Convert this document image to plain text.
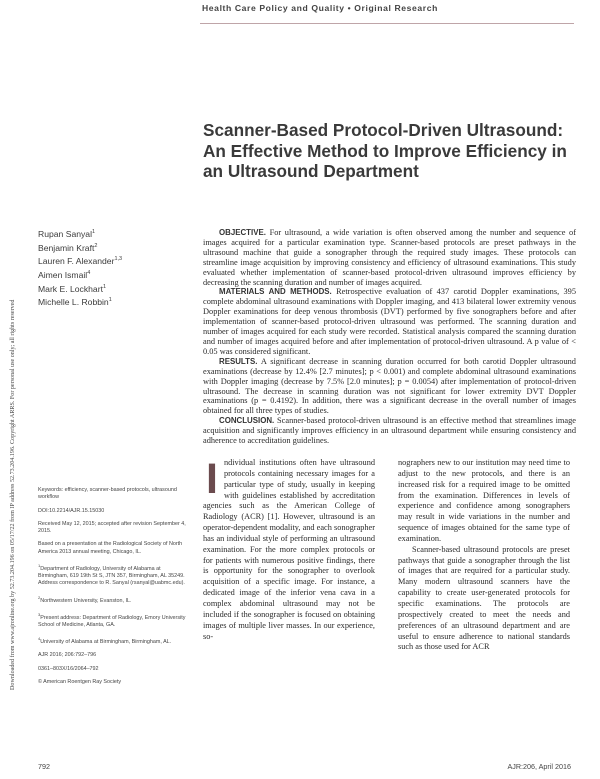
Downloaded from www.ajronline.org by 52.73.204.196 on 05/17/22 from IP address 52.73.204.196. Copyright ARRS. For personal use only; all rights reserved
Health Care Policy and Quality • Original Research
Scanner-Based Protocol-Driven Ultrasound: An Effective Method to Improve Efficiency in an Ultrasound Department
Rupan Sanyal$^1$
Benjamin Kraft$^2$
Lauren F. Alexander$^{1,3}$
Aimen Ismail$^4$
Mark E. Lockhart$^1$
Michelle L. Robbin$^1$

OBJECTIVE. For ultrasound, a wide variation is often observed among the number and sequence of images acquired for a particular examination type. Scanner-based protocols are preset pathways in the ultrasound machine that guide a sonographer through the required study images. These protocols can streamline image acquisition by improving consistency and efficiency of ultrasound examinations. This study evaluated whether implementation of scanner-based protocol-driven ultrasound improves efficiency by decreasing the scanning duration and number of images acquired.

MATERIALS AND METHODS. Retrospective evaluation of 437 carotid Doppler examinations, 395 complete abdominal ultrasound examinations with Doppler imaging, and 413 bilateral lower extremity venous Doppler examinations for deep venous thrombosis (DVT) performed by five sonographers before and after implementation of scanner-based protocol-driven ultrasound was performed. The scanning duration and number of images acquired for each study were recorded. Statistical analysis compared the scanning duration and number of images acquired before and after implementation of protocol-driven ultrasound. A p value of < 0.05 was considered significant.

RESULTS. A significant decrease in scanning duration occurred for both carotid Doppler ultrasound examinations (decrease by 12.4% [2.7 minutes]; p < 0.001) and complete abdominal ultrasound examinations with Doppler imaging (decrease by 7.5% [2.0 minutes]; p = 0.0054) after implementation of protocol-driven ultrasound. The decrease in scanning duration was not significant for lower extremity DVT Doppler examinations (p = 0.4192). In addition, there was a significant decrease in the overall number of images obtained for all three types of studies.

CONCLUSION. Scanner-based protocol-driven ultrasound is an effective method that streamlines image acquisition and significantly improves efficiency in an ultrasound department while ensuring consistency and adherence to accreditation guidelines.

Keywords: efficiency, scanner-based protocols, ultrasound workflow

DOI:10.2214/AJR.15.15030

Received May 12, 2015; accepted after revision September 4, 2015.

Based on a presentation at the Radiological Society of North America 2013 annual meeting, Chicago, IL.

$^1$Department of Radiology, University of Alabama at Birmingham, 619 19th St S, JTN 357, Birmingham, AL 35249. Address correspondence to R. Sanyal (rsanyal@uabmc.edu).

$^2$Northwestern University, Evanston, IL.

$^3$Present address: Department of Radiology, Emory University School of Medicine, Atlanta, GA.

$^4$University of Alabama at Birmingham, Birmingham, AL.

AJR 2016; 206:792–796

0361–803X/16/2064–792

© American Roentgen Ray Society

Individual institutions often have ultrasound protocols containing necessary images for a particular type of study, usually in keeping with guidelines established by accreditation agencies such as the American College of Radiology (ACR) [1]. However, ultrasound is an operator-dependent modality, and each sonographer has an individual style of performing an ultrasound examination. For the more complex protocols or for patients with numerous positive findings, there is opportunity for the sonographer to overlook acquisition of a specific image. For instance, a dedicated image of the inferior vena cava in a complex abdominal ultrasound may not be included if the sonographer is focused on obtaining images of multiple liver masses. In our experience, so-

nographers new to our institution may need time to adjust to the new protocols, and there is an increased risk for a required image to be omitted from the examination. Differences in levels of experience and confidence among sonographers may result in wide variations in the number and sequence of images obtained for the same type of examination.

Scanner-based ultrasound protocols are preset pathways that guide a sonographer through the list of images that are required for a particular study. Many modern ultrasound scanners have the capability to create user-generated protocols for specific examinations. The protocols are prospectively created to meet the needs and preferences of an ultrasound department and are useful to ensure adherence to national standards such as those used for ACR

792	AJR:206, April 2016
